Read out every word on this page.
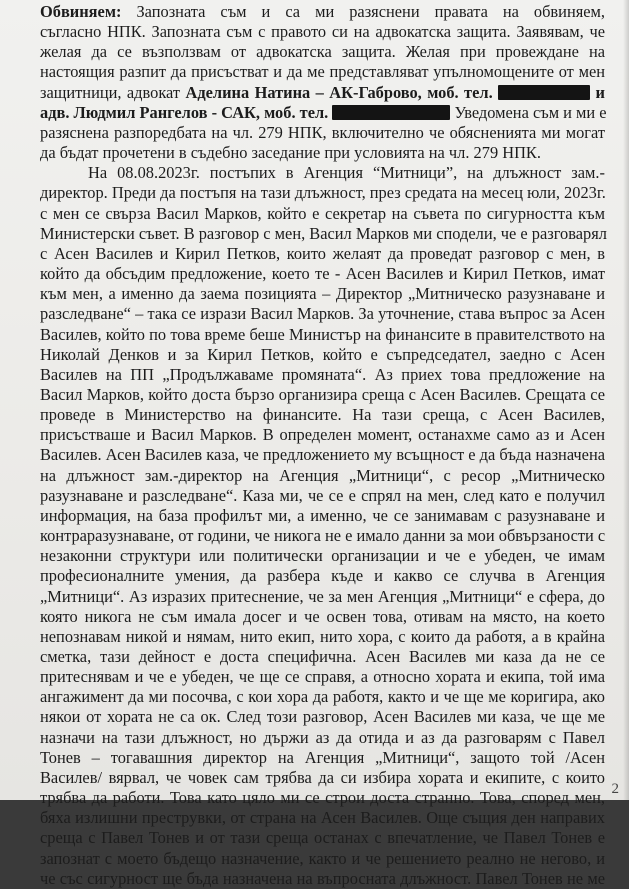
Обвиняем: Запозната съм и са ми разяснени правата на обвиняем,
съгласно НПК. Запозната съм с правото си на адвокатска защита. Заявявам, че
желая да се възползвам от адвокатска защита. Желая при провеждане на
настоящия разпит да присъстват и да ме представляват упълномощените от мен
защитници, адвокат Аделина Натина – АК-Габрово, моб. тел.	и
адв. Людмил Рангелов - САК, моб. тел.	Уведомена съм и ми е
разяснена разпоредбата на чл. 279 НПК, включително че обясненията ми могат
да бъдат прочетени в съдебно заседание при условията на чл. 279 НПК.
На 08.08.2023г. постъпих в Агенция “Митници”, на длъжност зам.-
директор. Преди да постъпя на тази длъжност, през средата на месец юли, 2023г.
с мен се свърза Васил Марков, който е секретар на съвета по сигурността към
Министерски съвет. В разговор с мен, Васил Марков ми сподели, че е разговарял
с Асен Василев и Кирил Петков, които желаят да проведат разговор с мен, в
който да обсъдим предложение, което те - Асен Василев и Кирил Петков, имат
към мен, а именно да заема позицията – Директор „Митническо разузнаване и
разследване“ – така се изрази Васил Марков. За уточнение, става въпрос за Асен
Василев, който по това време беше Министър на финансите в правителството на
Николай Денков и за Кирил Петков, който е съпредседател, заедно с Асен
Василев на ПП „Продължаваме промяната“. Аз приех това предложение на
Васил Марков, който доста бързо организира среща с Асен Василев. Срещата се
проведе в Министерство на финансите. На тази среща, с Асен Василев,
присъстваше и Васил Марков. В определен момент, останахме само аз и Асен
Василев. Асен Василев каза, че предложението му всъщност е да бъда назначена
на длъжност зам.-директор на Агенция „Митници“, с ресор „Митническо
разузнаване и разследване“. Каза ми, че се е спрял на мен, след като е получил
информация, на база профилът ми, а именно, че се занимавам с разузнаване и
контраразузнаване, от години, че никога не е имало данни за мои обвързаности с
незаконни структури или политически организации и че е убеден, че имам
професионалните умения, да разбера къде и какво се случва в Агенция
„Митници“. Аз изразих притеснение, че за мен Агенция „Митници“ е сфера, до
която никога не съм имала досег и че освен това, отивам на място, на което
непознавам никой и нямам, нито екип, нито хора, с които да работя, а в крайна
сметка, тази дейност е доста специфична. Асен Василев ми каза да не се
притеснявам и че е убеден, че ще се справя, а относно хората и екипа, той има
ангажимент да ми посочва, с кои хора да работя, както и че ще ме коригира, ако
някои от хората не са ок. След този разговор, Асен Василев ми каза, че ще ме
назначи на тази длъжност, но държи аз да отида и аз да разговарям с Павел
Тонев – тогавашния директор на Агенция „Митници“, защото той /Асен
Василев/ вярвал, че човек сам трябва да си избира хората и екипите, с които
трябва да работи. Това като цяло ми се строи доста странно. Това, според мен,
бяха излишни преструвки, от страна на Асен Василев. Още същия ден направих
среща с Павел Тонев и от тази среща останах с впечатление, че Павел Тонев е
запознат с моето бъдещо назначение, както и че решението реално не негово, и
че със сигурност ще бъда назначена на въпросната длъжност. Павел Тонев не ме
2
